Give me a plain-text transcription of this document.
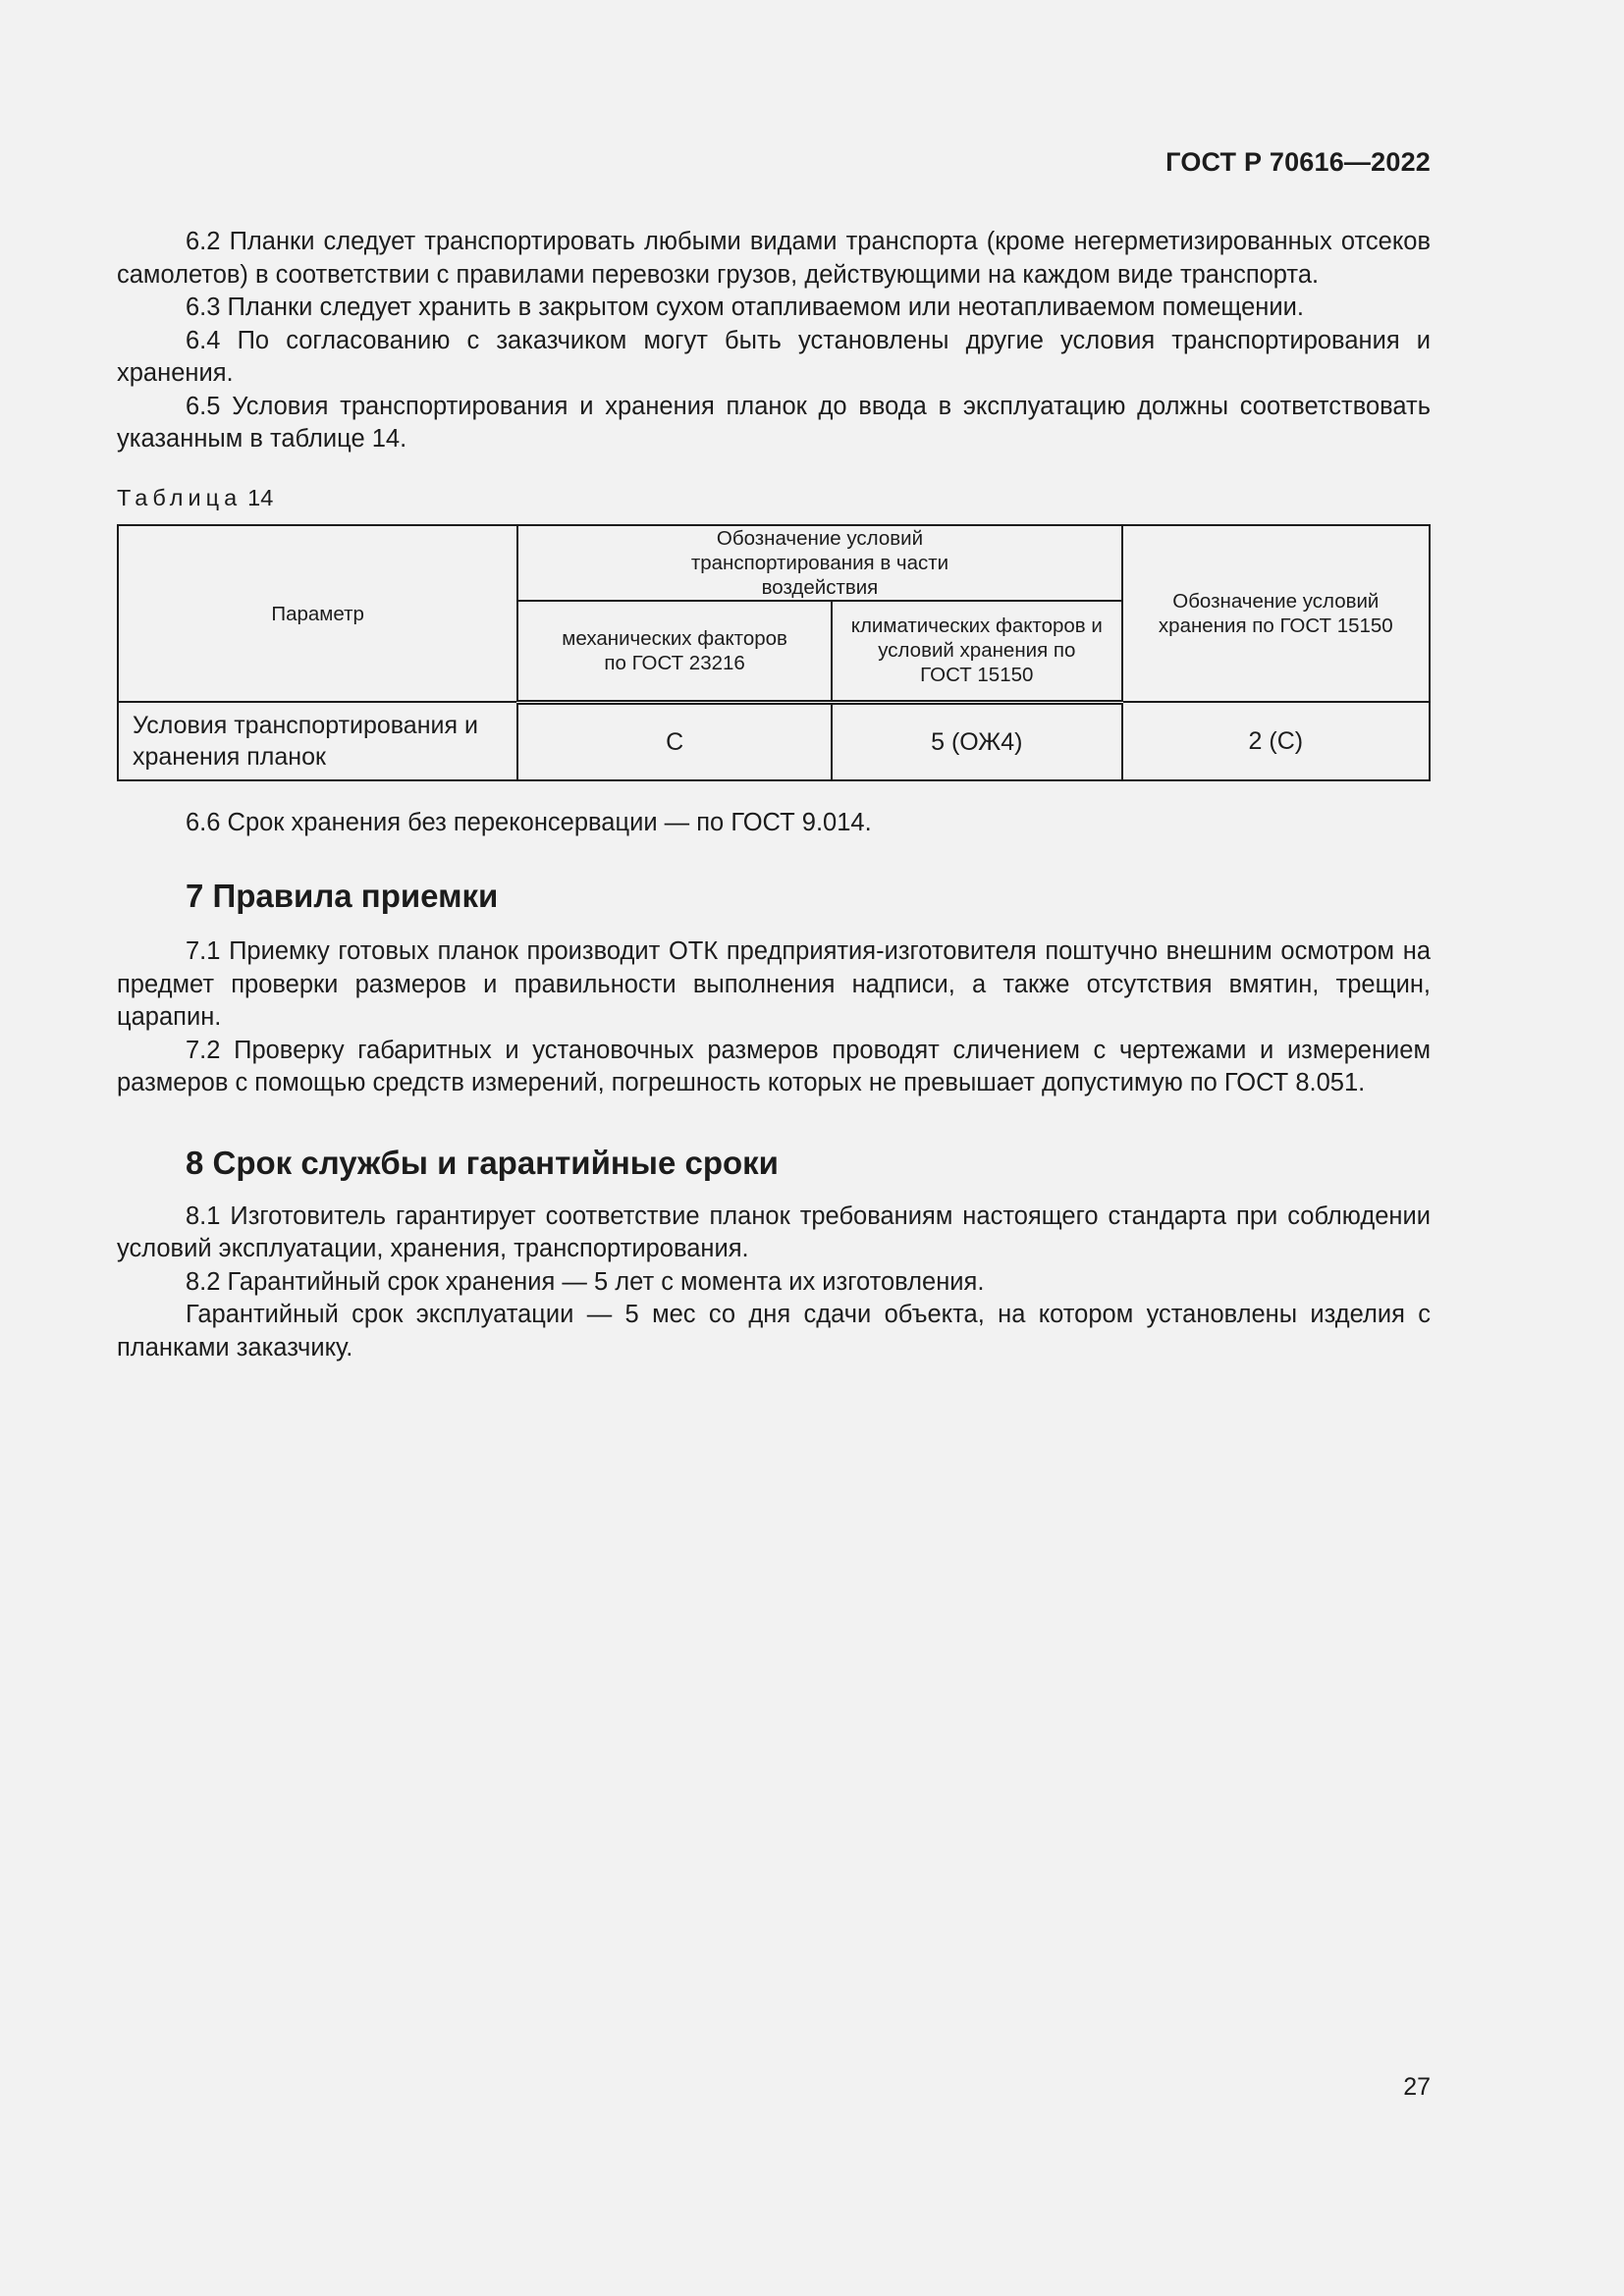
ГОСТ Р 70616—2022

6.2 Планки следует транспортировать любыми видами транспорта (кроме негерметизированных отсеков самолетов) в соответствии с правилами перевозки грузов, действующими на каждом виде транспорта.

6.3 Планки следует хранить в закрытом сухом отапливаемом или неотапливаемом помещении.

6.4 По согласованию с заказчиком могут быть установлены другие условия транспортирования и хранения.

6.5 Условия транспортирования и хранения планок до ввода в эксплуатацию должны соответствовать указанным в таблице 14.

Таблица 14
Параметр	Обозначение условий транспортирования в части воздействия		Обозначение условий хранения по ГОСТ 15150
	механических факторов по ГОСТ 23216	климатических факторов и условий хранения по ГОСТ 15150	
Условия транспортирования и хранения планок	С	5 (ОЖ4)	2 (С)

6.6 Срок хранения без переконсервации — по ГОСТ 9.014.

7 Правила приемки

7.1 Приемку готовых планок производит ОТК предприятия-изготовителя поштучно внешним осмотром на предмет проверки размеров и правильности выполнения надписи, а также отсутствия вмятин, трещин, царапин.

7.2 Проверку габаритных и установочных размеров проводят сличением с чертежами и измерением размеров с помощью средств измерений, погрешность которых не превышает допустимую по ГОСТ 8.051.

8 Срок службы и гарантийные сроки

8.1 Изготовитель гарантирует соответствие планок требованиям настоящего стандарта при соблюдении условий эксплуатации, хранения, транспортирования.

8.2 Гарантийный срок хранения — 5 лет с момента их изготовления.

Гарантийный срок эксплуатации — 5 мес со дня сдачи объекта, на котором установлены изделия с планками заказчику.

27
